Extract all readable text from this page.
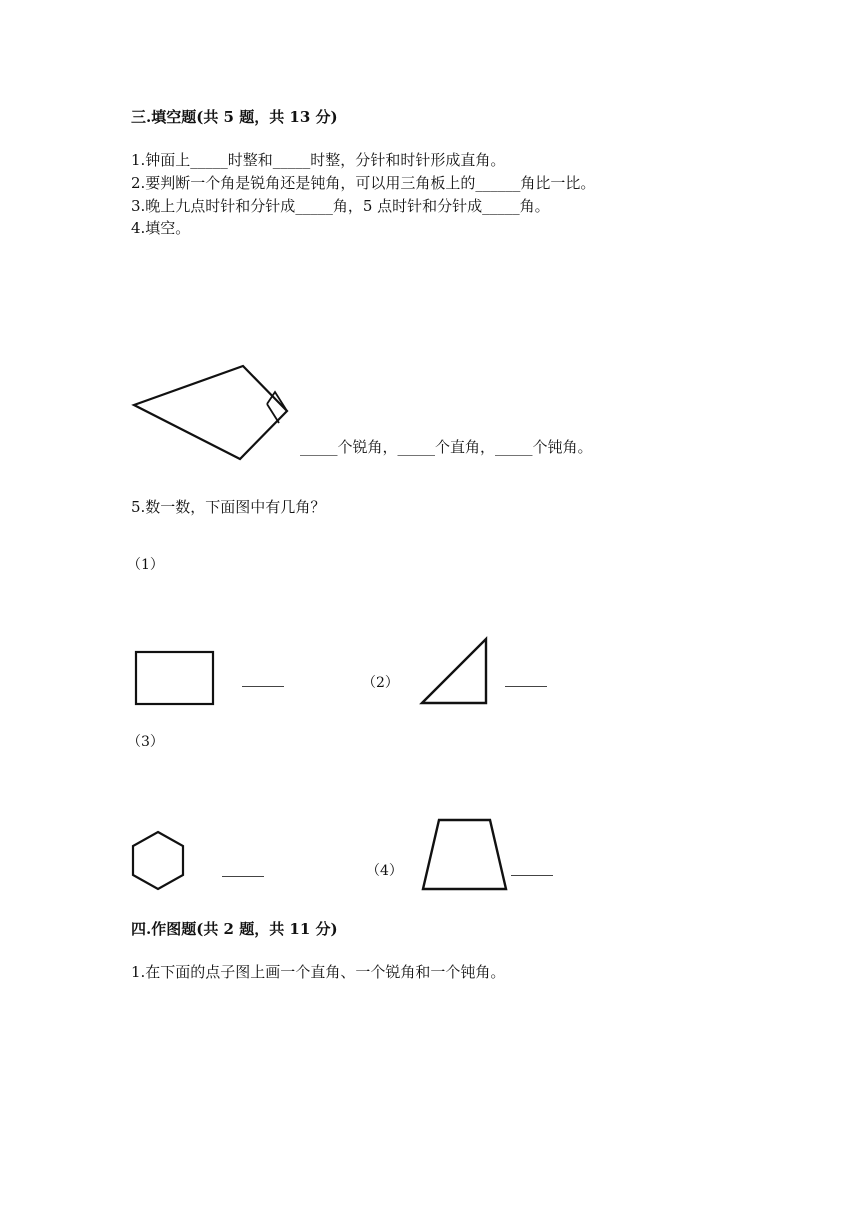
三.填空题(共 5 题，共 13 分)
1.钟面上_____时整和_____时整，分针和时针形成直角。
2.要判断一个角是锐角还是钝角，可以用三角板上的______角比一比。
3.晚上九点时针和分针成_____角，5 点时针和分针成_____角。
4.填空。
_____个锐角，_____个直角，_____个钝角。
5.数一数，下面图中有几角？
（1）
（2）
（3）
（4）
四.作图题(共 2 题，共 11 分)
1.在下面的点子图上画一个直角、一个锐角和一个钝角。
